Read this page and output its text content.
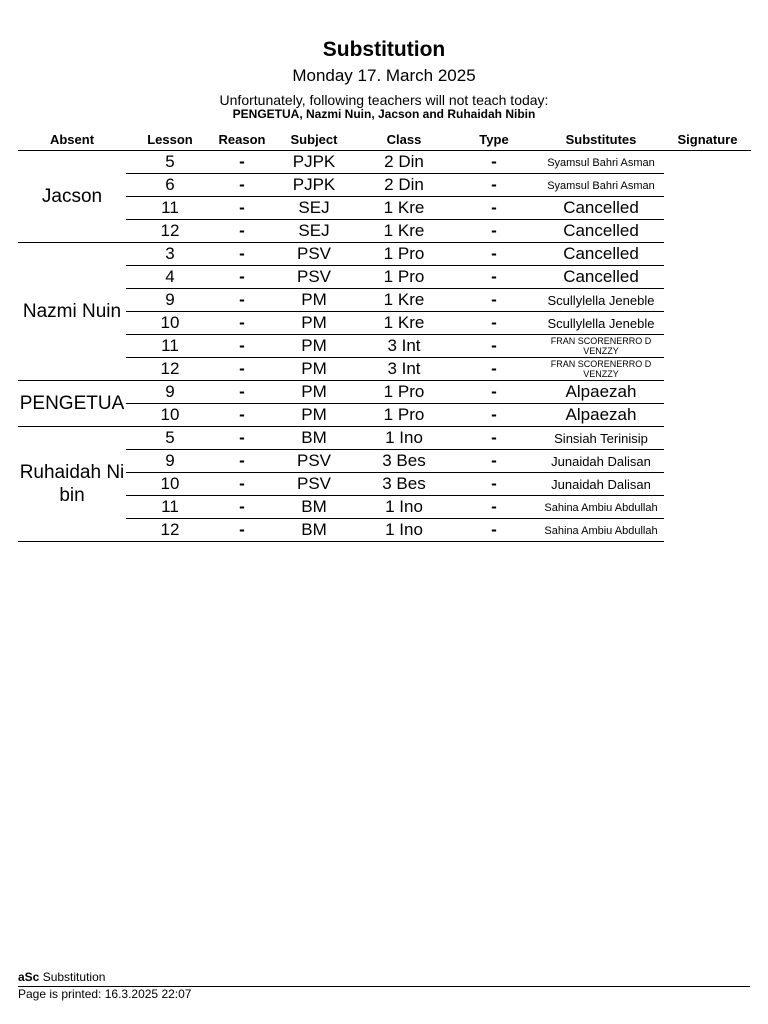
Substitution
Monday 17. March 2025
Unfortunately, following teachers will not teach today:
PENGETUA, Nazmi Nuin, Jacson and Ruhaidah Nibin
Absent	Lesson	Reason	Subject	Class	Type	Substitutes	Signature
Jacson	5	-	PJPK	2 Din	-	Syamsul Bahri Asman	
	6	-	PJPK	2 Din	-	Syamsul Bahri Asman	
	11	-	SEJ	1 Kre	-	Cancelled	
	12	-	SEJ	1 Kre	-	Cancelled	
Nazmi Nuin	3	-	PSV	1 Pro	-	Cancelled	
	4	-	PSV	1 Pro	-	Cancelled	
	9	-	PM	1 Kre	-	Scullylella Jeneble	
	10	-	PM	1 Kre	-	Scullylella Jeneble	
	11	-	PM	3 Int	-	FRAN SCORENERRO D VENZZY	
	12	-	PM	3 Int	-	FRAN SCORENERRO D VENZZY	
PENGETUA	9	-	PM	1 Pro	-	Alpaezah	
	10	-	PM	1 Pro	-	Alpaezah	
Ruhaidah Nibin	5	-	BM	1 Ino	-	Sinsiah Terinisip	
	9	-	PSV	3 Bes	-	Junaidah Dalisan	
	10	-	PSV	3 Bes	-	Junaidah Dalisan	
	11	-	BM	1 Ino	-	Sahina Ambiu Abdullah	
	12	-	BM	1 Ino	-	Sahina Ambiu Abdullah	
aSc Substitution
Page is printed: 16.3.2025 22:07
